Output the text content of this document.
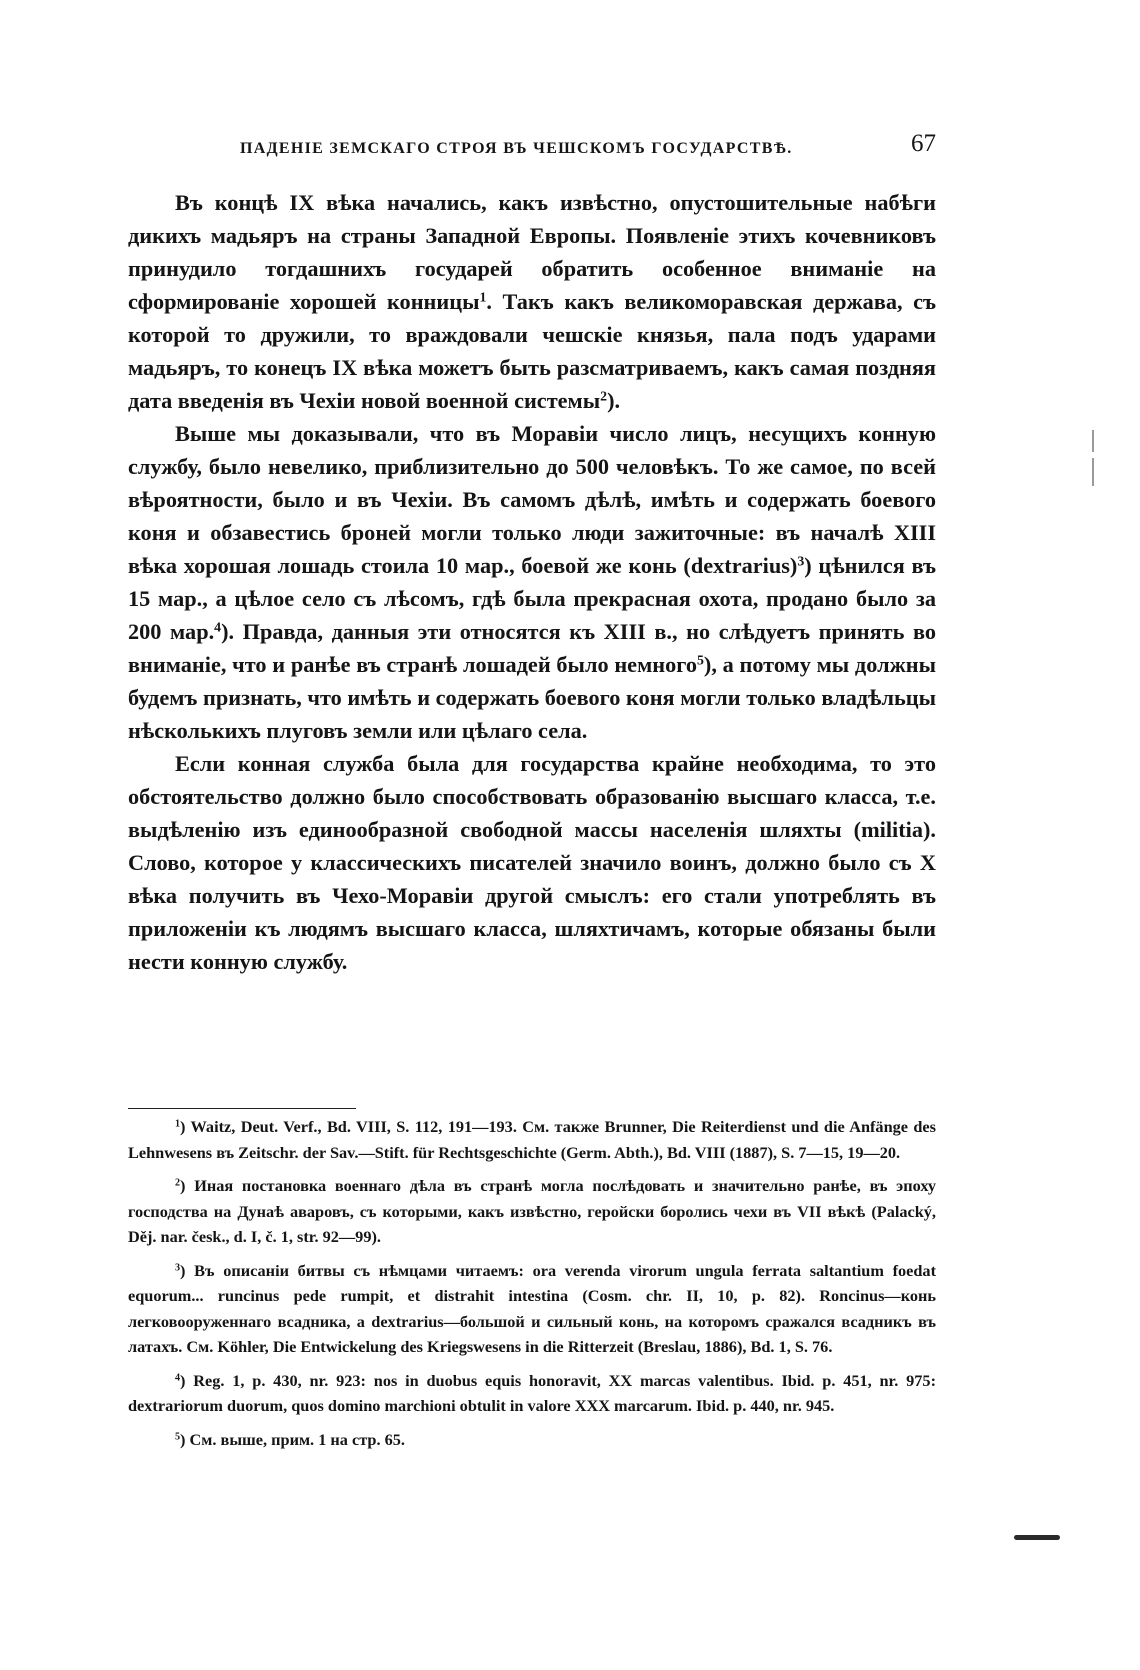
ПАДЕНІЕ ЗЕМСКАГО СТРОЯ ВЪ ЧЕШСКОМЪ ГОСУДАРСТВѢ.	67

Въ концѣ IX вѣка начались, какъ извѣстно, опустошительные набѣги дикихъ мадьяръ на страны Западной Европы. Появленіе этихъ кочевниковъ принудило тогдашнихъ государей обратить особенное вниманіе на сформированіе хорошей конницы$^1$. Такъ какъ великоморавская держава, съ которой то дружили, то враждовали чешскіе князья, пала подъ ударами мадьяръ, то конецъ IX вѣка можетъ быть разсматриваемъ, какъ самая поздняя дата введенія въ Чехіи новой военной системы$^2$).

Выше мы доказывали, что въ Моравіи число лицъ, несущихъ конную службу, было невелико, приблизительно до 500 человѣкъ. То же самое, по всей вѣроятности, было и въ Чехіи. Въ самомъ дѣлѣ, имѣть и содержать боевого коня и обзавестись броней могли только люди зажиточные: въ началѣ XIII вѣка хорошая лошадь стоила 10 мар., боевой же конь (dextrarius)$^3$) цѣнился въ 15 мар., а цѣлое село съ лѣсомъ, гдѣ была прекрасная охота, продано было за 200 мар.$^4$). Правда, данныя эти относятся къ XIII в., но слѣдуетъ принять во вниманіе, что и ранѣе въ странѣ лошадей было немного$^5$), а потому мы должны будемъ признать, что имѣть и содержать боевого коня могли только владѣльцы нѣсколькихъ плуговъ земли или цѣлаго села.

Если конная служба была для государства крайне необходима, то это обстоятельство должно было способствовать образованію высшаго класса, т.е. выдѣленію изъ единообразной свободной массы населенія шляхты (militia). Слово, которое у классическихъ писателей значило воинъ, должно было съ X вѣка получить въ Чехо-Моравіи другой смыслъ: его стали употреблять въ приложеніи къ людямъ высшаго класса, шляхтичамъ, которые обязаны были нести конную службу.

$^1$) Waitz, Deut. Verf., Bd. VIII, S. 112, 191—193. См. также Brunner, Die Reiterdienst und die Anfänge des Lehnwesens въ Zeitschr. der Sav.—Stift. für Rechtsgeschichte (Germ. Abth.), Bd. VIII (1887), S. 7—15, 19—20.

$^2$) Иная постановка военнаго дѣла въ странѣ могла послѣдовать и значительно ранѣе, въ эпоху господства на Дунаѣ аваровъ, съ которыми, какъ извѣстно, геройски боролись чехи въ VII вѣкѣ (Palacký, Děj. nar. česk., d. I, č. 1, str. 92—99).

$^3$) Въ описаніи битвы съ нѣмцами читаемъ: ora verenda virorum ungula ferrata saltantium foedat equorum... runcinus pede rumpit, et distrahit intestina (Cosm. chr. II, 10, p. 82). Roncinus—конь легковооруженнаго всадника, а dextrarius—большой и сильный конь, на которомъ сражался всадникъ въ латахъ. См. Köhler, Die Entwickelung des Kriegswesens in die Ritterzeit (Breslau, 1886), Bd. 1, S. 76.

$^4$) Reg. 1, p. 430, nr. 923: nos in duobus equis honoravit, XX marcas valentibus. Ibid. p. 451, nr. 975: dextrariorum duorum, quos domino marchioni obtulit in valore XXX marcarum. Ibid. p. 440, nr. 945.

$^5$) См. выше, прим. 1 на стр. 65.
